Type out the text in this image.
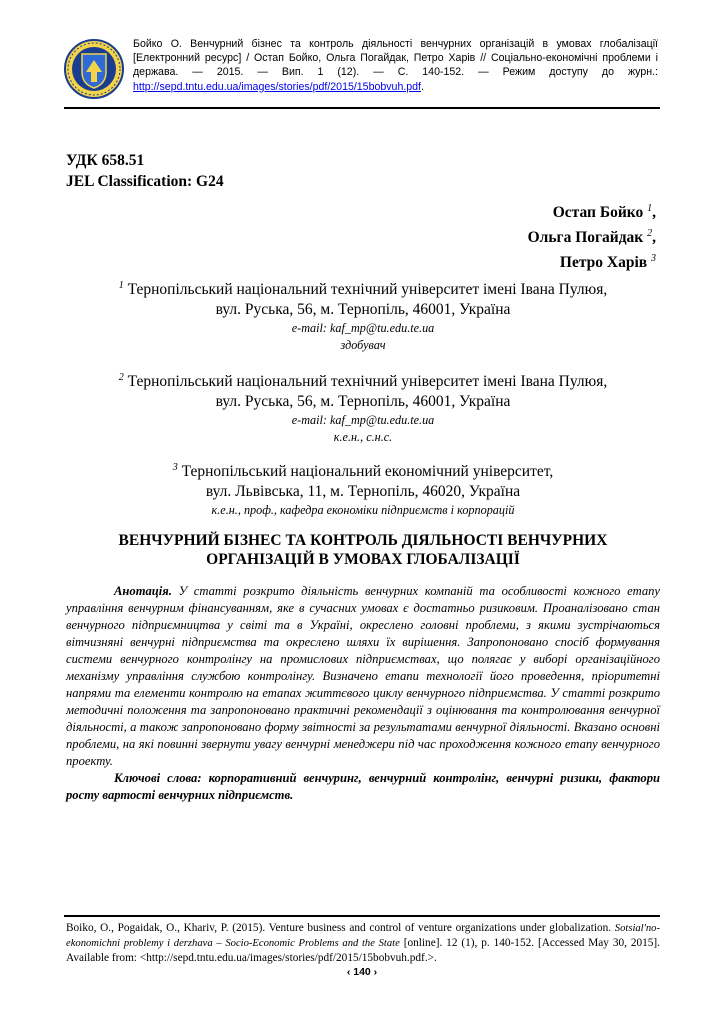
Бойко О. Венчурний бізнес та контроль діяльності венчурних організацій в умовах глобалізації [Електронний ресурс] / Остап Бойко, Ольга Погайдак, Петро Харів // Соціально-економічні проблеми і держава. — 2015. — Вип. 1 (12). — С. 140-152. — Режим доступу до журн.: http://sepd.tntu.edu.ua/images/stories/pdf/2015/15bobvuh.pdf.
УДК 658.51
JEL Classification: G24
Остап Бойко $^1$,
Ольга Погайдак $^2$,
Петро Харів $^3$
$^1$ Тернопільський національний технічний університет імені Івана Пулюя,
вул. Руська, 56, м. Тернопіль, 46001, Україна
e-mail: kaf_mp@tu.edu.te.ua
здобувач
$^2$ Тернопільський національний технічний університет імені Івана Пулюя,
вул. Руська, 56, м. Тернопіль, 46001, Україна
e-mail: kaf_mp@tu.edu.te.ua
к.е.н., с.н.с.
$^3$ Тернопільський національний економічний університет,
вул. Львівська, 11, м. Тернопіль, 46020, Україна
к.е.н., проф., кафедра економіки підприємств і корпорацій
ВЕНЧУРНИЙ БІЗНЕС ТА КОНТРОЛЬ ДІЯЛЬНОСТІ ВЕНЧУРНИХ
ОРГАНІЗАЦІЙ В УМОВАХ ГЛОБАЛІЗАЦІЇ

Анотація. У статті розкрито діяльність венчурних компаній та особливості кожного етапу управління венчурним фінансуванням, яке в сучасних умовах є достатньо ризиковим. Проаналізовано стан венчурного підприємництва у світі та в Україні, окреслено головні проблеми, з якими зустрічаються вітчизняні венчурні підприємства та окреслено шляхи їх вирішення. Запропоновано спосіб формування системи венчурного контролінгу на промислових підприємствах, що полягає у виборі організаційного механізму управління службою контролінгу. Визначено етапи технології його проведення, пріоритетні напрями та елементи контролю на етапах життєвого циклу венчурного підприємства. У статті розкрито методичні положення та запропоновано практичні рекомендації з оцінювання та контролювання венчурної діяльності, а також запропоновано форму звітності за результатами венчурної діяльності. Вказано основні проблеми, на які повинні звернути увагу венчурні менеджери під час проходження кожного етапу венчурного проекту.

Ключові слова: корпоративний венчуринг, венчурний контролінг, венчурні ризики, фактори росту вартості венчурних підприємств.

Boiko, O., Pogaidak, O., Khariv, P. (2015). Venture business and control of venture organizations under globalization. Sotsial'no-ekonomichni problemy i derzhava – Socio-Economic Problems and the State [online]. 12 (1), p. 140-152. [Accessed May 30, 2015]. Available from: <http://sepd.tntu.edu.ua/images/stories/pdf/2015/15bobvuh.pdf.>.
‹ 140 ›
